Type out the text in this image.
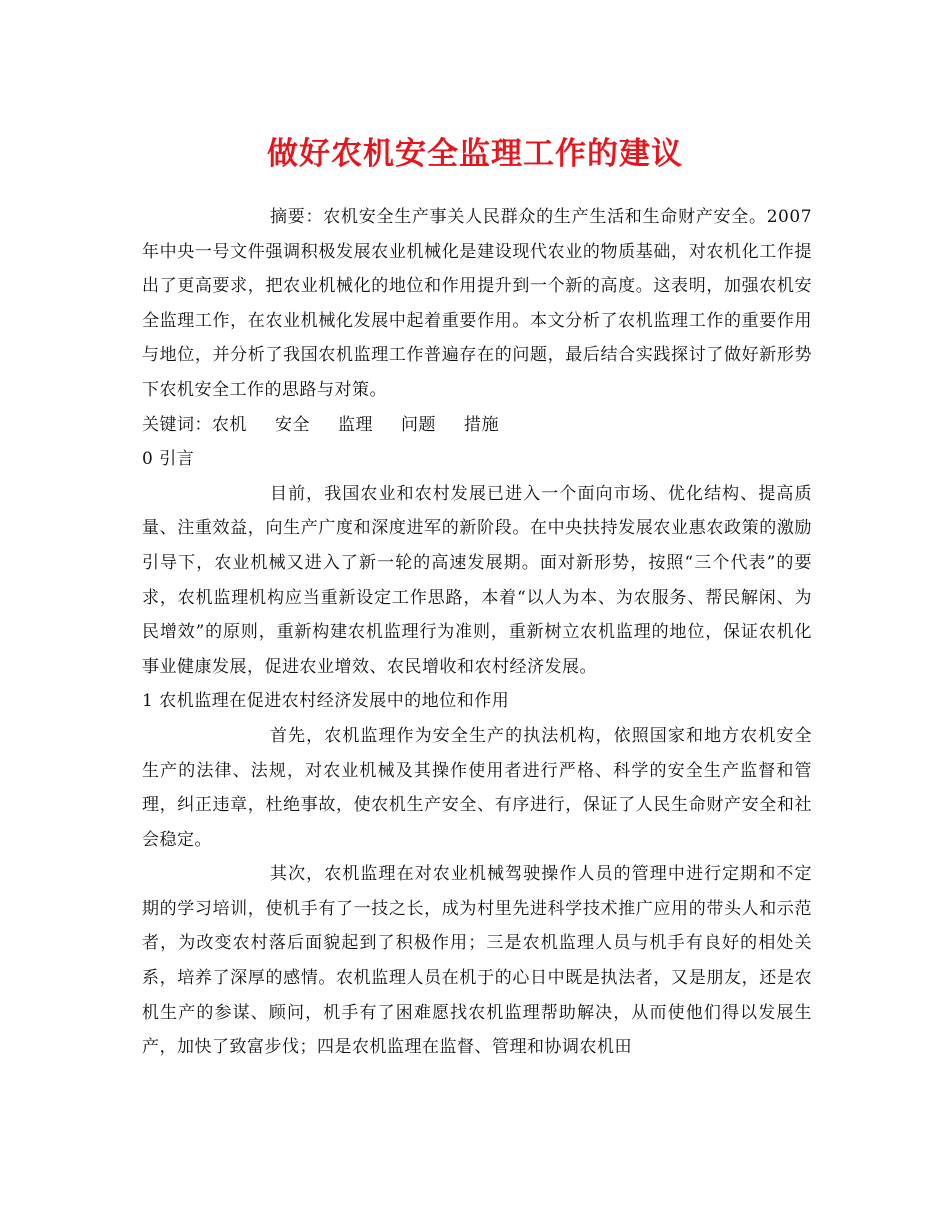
做好农机安全监理工作的建议

摘要：农机安全生产事关人民群众的生产生活和生命财产安全。2007年中央一号文件强调积极发展农业机械化是建设现代农业的物质基础，对农机化工作提出了更高要求，把农业机械化的地位和作用提升到一个新的高度。这表明，加强农机安全监理工作，在农业机械化发展中起着重要作用。本文分析了农机监理工作的重要作用与地位，并分析了我国农机监理工作普遍存在的问题，最后结合实践探讨了做好新形势下农机安全工作的思路与对策。

关键词：农机 安全 监理 问题 措施

0 引言

目前，我国农业和农村发展已进入一个面向市场、优化结构、提高质量、注重效益，向生产广度和深度进军的新阶段。在中央扶持发展农业惠农政策的激励引导下，农业机械又进入了新一轮的高速发展期。面对新形势，按照“三个代表”的要求，农机监理机构应当重新设定工作思路，本着“以人为本、为农服务、帮民解闲、为民增效”的原则，重新构建农机监理行为准则，重新树立农机监理的地位，保证农机化事业健康发展，促进农业增效、农民增收和农村经济发展。

1 农机监理在促进农村经济发展中的地位和作用

首先，农机监理作为安全生产的执法机构，依照国家和地方农机安全生产的法律、法规，对农业机械及其操作使用者进行严格、科学的安全生产监督和管理，纠正违章，杜绝事故，使农机生产安全、有序进行，保证了人民生命财产安全和社会稳定。

其次，农机监理在对农业机械驾驶操作人员的管理中进行定期和不定期的学习培训，使机手有了一技之长，成为村里先进科学技术推广应用的带头人和示范者，为改变农村落后面貌起到了积极作用；三是农机监理人员与机手有良好的相处关系，培养了深厚的感情。农机监理人员在机于的心日中既是执法者，又是朋友，还是农机生产的参谋、顾问，机手有了困难愿找农机监理帮助解决，从而使他们得以发展生产，加快了致富步伐；四是农机监理在监督、管理和协调农机田
